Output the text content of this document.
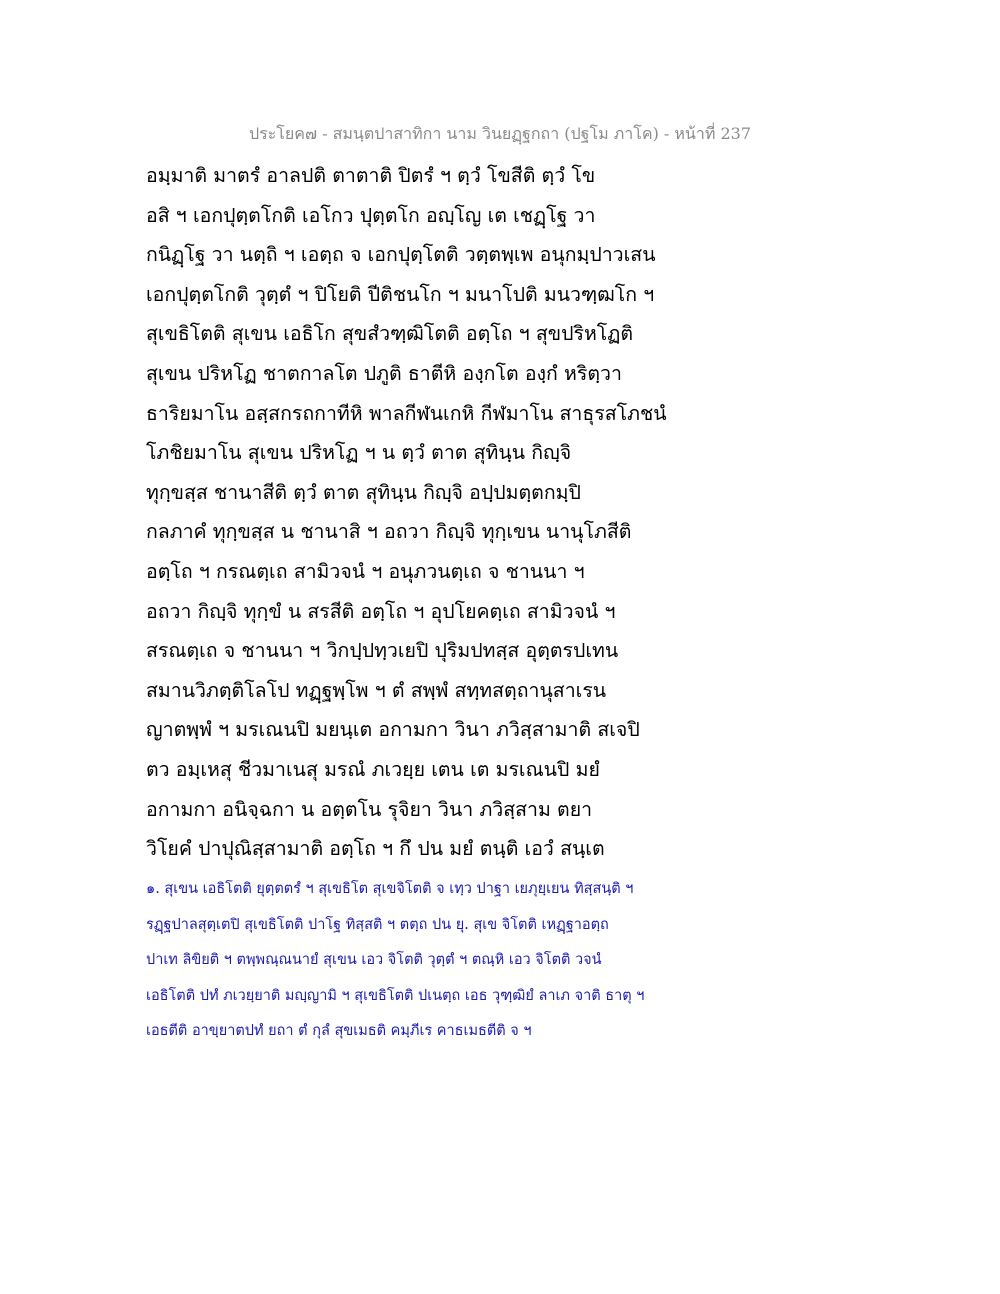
ประโยค๗ - สมนฺตปาสาทิกา นาม วินยฏฺฐกถา (ปฐโม ภาโค) - หน้าที่ 237
อมฺมาติ มาตรํ อาลปติ ตาตาติ ปิตรํ ฯ ตฺวํ โขสีติ ตฺวํ โข
อสิ ฯ เอกปุตฺตโกติ เอโกว ปุตฺตโก อญฺโญ เต เชฏฺโฐ วา
กนิฏฺโฐ วา นตฺถิ ฯ เอตฺถ จ เอกปุตฺโตติ วตฺตพฺเพ อนุกมฺปาวเสน
เอกปุตฺตโกติ วุตฺตํ ฯ ปิโยติ ปีติชนโก ฯ มนาโปติ มนวฑฺฒโก ฯ
สุเขธิโตติ สุเขน เอธิโก สุขสํวฑฺฒิโตติ อตฺโถ ฯ สุขปริหโฏติ
สุเขน ปริหโฏ ชาตกาลโต ปภูติ ธาตีหิ องฺกโต องฺกํ หริตฺวา
ธาริยมาโน อสฺสกรถกาทีหิ พาลกีฬนเกหิ กีฬมาโน สาธุรสโภชนํ
โภชิยมาโน สุเขน ปริหโฏ ฯ น ตฺวํ ตาต สุทินฺน กิญฺจิ
ทุกฺขสฺส ชานาสีติ ตฺวํ ตาต สุทินฺน กิญฺจิ อปฺปมตฺตกมฺปิ
กลภาคํ ทุกฺขสฺส น ชานาสิ ฯ อถวา กิญฺจิ ทุกฺเขน นานุโภสีติ
อตฺโถ ฯ กรณตฺเถ สามิวจนํ ฯ อนุภวนตฺเถ จ ชานนา ฯ
อถวา กิญฺจิ ทุกฺขํ น สรสีติ อตฺโถ ฯ อุปโยคตฺเถ สามิวจนํ ฯ
สรณตฺเถ จ ชานนา ฯ วิกปฺปทฺวเยปิ ปุริมปทสฺส อุตฺตรปเทน
สมานวิภตฺติโลโป ทฏฺฐพฺโพ ฯ ตํ สพฺพํ สทฺทสตฺถานุสาเรน
ญาตพฺพํ ฯ มรเณนปิ มยนฺเต อกามกา วินา ภวิสฺสามาติ สเจปิ
ตว อมฺเหสุ ชีวมาเนสุ มรณํ ภเวยฺย เตน เต มรเณนปิ มยํ
อกามกา อนิจฺฉกา น อตฺตโน รุจิยา วินา ภวิสฺสาม ตยา
วิโยคํ ปาปุณิสฺสามาติ อตฺโถ ฯ กึ ปน มยํ ตนฺติ เอวํ สนฺเต
๑. สุเขน เอธิโตติ ยุตฺตตรํ ฯ สุเขธิโต สุเขจิโตติ จ เทฺว ปาฐา เยภุยฺเยน ทิสฺสนฺติ ฯ
รฏฺฐปาลสุตฺเตปิ สุเขธิโตติ ปาโฐ ทิสฺสติ ฯ ตตฺถ ปน ยุ. สุเข จิโตติ เหฏฺฐาอตฺถ
ปาเท ลิขิยติ ฯ ตพฺพณฺณนายํ สุเขน เอว จิโตติ วุตฺตํ ฯ ตณฺหิ เอว จิโตติ วจนํ
เอธิโตติ ปทํ ภเวยฺยาติ มญฺญามิ ฯ สุเขธิโตติ ปเนตฺถ เอธ วุฑฺฒิยํ ลาเภ จาติ ธาตุ ฯ
เอธตีติ อาขฺยาตปทํ ยถา ตํ กุลํ สุขเมธติ คมฺภีเร คาธเมธตีติ จ ฯ
